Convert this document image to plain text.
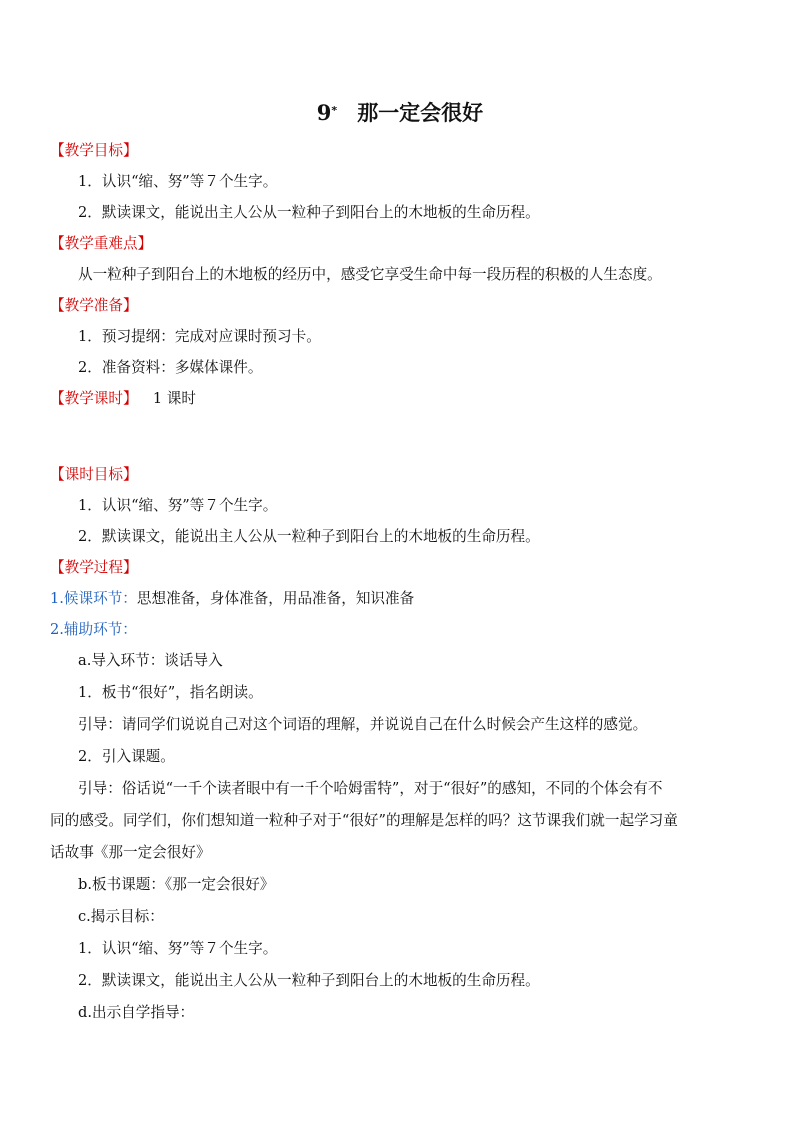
9* 那一定会很好
【教学目标】
1．认识“缩、努”等７个生字。
2．默读课文，能说出主人公从一粒种子到阳台上的木地板的生命历程。
【教学重难点】
从一粒种子到阳台上的木地板的经历中，感受它享受生命中每一段历程的积极的人生态度。
【教学准备】
1．预习提纲：完成对应课时预习卡。
2．准备资料：多媒体课件。
【教学课时】 1 课时
【课时目标】
1．认识“缩、努”等７个生字。
2．默读课文，能说出主人公从一粒种子到阳台上的木地板的生命历程。
【教学过程】
1.候课环节：思想准备，身体准备，用品准备，知识准备
2.辅助环节：
a.导入环节：谈话导入
1．板书“很好”，指名朗读。
引导：请同学们说说自己对这个词语的理解，并说说自己在什么时候会产生这样的感觉。
2．引入课题。
引导：俗话说“一千个读者眼中有一千个哈姆雷特”，对于“很好”的感知，不同的个体会有不
同的感受。同学们，你们想知道一粒种子对于“很好”的理解是怎样的吗？这节课我们就一起学习童
话故事《那一定会很好》
b.板书课题：《那一定会很好》
c.揭示目标：
1．认识“缩、努”等７个生字。
2．默读课文，能说出主人公从一粒种子到阳台上的木地板的生命历程。
d.出示自学指导：
